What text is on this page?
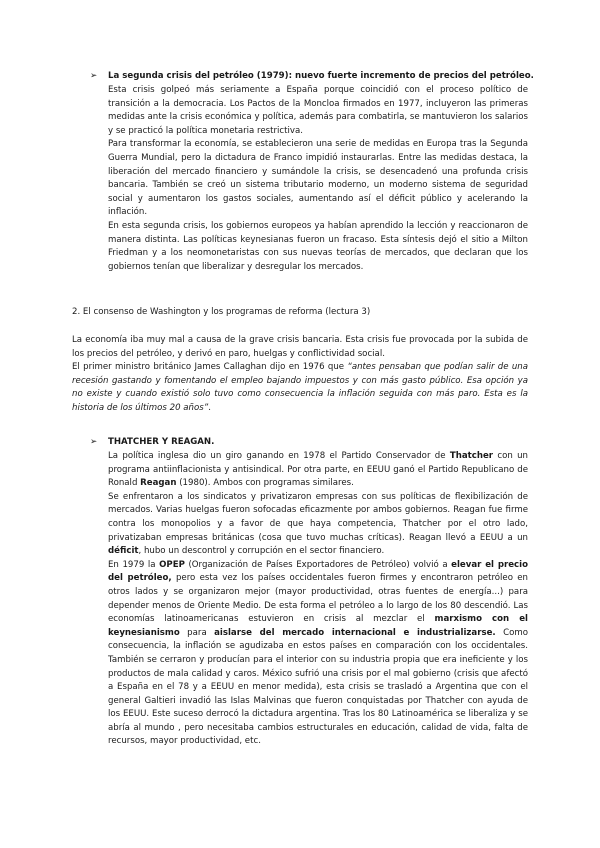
➢ La segunda crisis del petróleo (1979): nuevo fuerte incremento de precios del petróleo.

Esta crisis golpeó más seriamente a España porque coincidió con el proceso político de transición a la democracia. Los Pactos de la Moncloa firmados en 1977, incluyeron las primeras medidas ante la crisis económica y política, además para combatirla, se mantuvieron los salarios y se practicó la política monetaria restrictiva.

Para transformar la economía, se establecieron una serie de medidas en Europa tras la Segunda Guerra Mundial, pero la dictadura de Franco impidió instaurarlas. Entre las medidas destaca, la liberación del mercado financiero y sumándole la crisis, se desencadenó una profunda crisis bancaria. También se creó un sistema tributario moderno, un moderno sistema de seguridad social y aumentaron los gastos sociales, aumentando así el déficit público y acelerando la inflación.

En esta segunda crisis, los gobiernos europeos ya habían aprendido la lección y reaccionaron de manera distinta. Las políticas keynesianas fueron un fracaso. Esta síntesis dejó el sitio a Milton Friedman y a los neomonetaristas con sus nuevas teorías de mercados, que declaran que los gobiernos tenían que liberalizar y desregular los mercados.

2. El consenso de Washington y los programas de reforma (lectura 3)

La economía iba muy mal a causa de la grave crisis bancaria. Esta crisis fue provocada por la subida de los precios del petróleo, y derivó en paro, huelgas y conflictividad social.

El primer ministro británico James Callaghan dijo en 1976 que “antes pensaban que podían salir de una recesión gastando y fomentando el empleo bajando impuestos y con más gasto público. Esa opción ya no existe y cuando existió solo tuvo como consecuencia la inflación seguida con más paro. Esta es la historia de los últimos 20 años”.

➢ THATCHER Y REAGAN.

La política inglesa dio un giro ganando en 1978 el Partido Conservador de Thatcher con un programa antiinflacionista y antisindical. Por otra parte, en EEUU ganó el Partido Republicano de Ronald Reagan (1980). Ambos con programas similares.

Se enfrentaron a los sindicatos y privatizaron empresas con sus políticas de flexibilización de mercados. Varias huelgas fueron sofocadas eficazmente por ambos gobiernos. Reagan fue firme contra los monopolios y a favor de que haya competencia, Thatcher por el otro lado, privatizaban empresas británicas (cosa que tuvo muchas críticas). Reagan llevó a EEUU a un déficit, hubo un descontrol y corrupción en el sector financiero.

En 1979 la OPEP (Organización de Países Exportadores de Petróleo) volvió a elevar el precio del petróleo, pero esta vez los países occidentales fueron firmes y encontraron petróleo en otros lados y se organizaron mejor (mayor productividad, otras fuentes de energía...) para depender menos de Oriente Medio. De esta forma el petróleo a lo largo de los 80 descendió. Las economías latinoamericanas estuvieron en crisis al mezclar el marxismo con el keynesianismo para aislarse del mercado internacional e industrializarse. Como consecuencia, la inflación se agudizaba en estos países en comparación con los occidentales. También se cerraron y producían para el interior con su industria propia que era ineficiente y los productos de mala calidad y caros. México sufrió una crisis por el mal gobierno (crisis que afectó a España en el 78 y a EEUU en menor medida), esta crisis se trasladó a Argentina que con el general Galtieri invadió las Islas Malvinas que fueron conquistadas por Thatcher con ayuda de los EEUU. Este suceso derrocó la dictadura argentina. Tras los 80 Latinoamérica se liberaliza y se abría al mundo , pero necesitaba cambios estructurales en educación, calidad de vida, falta de recursos, mayor productividad, etc.
